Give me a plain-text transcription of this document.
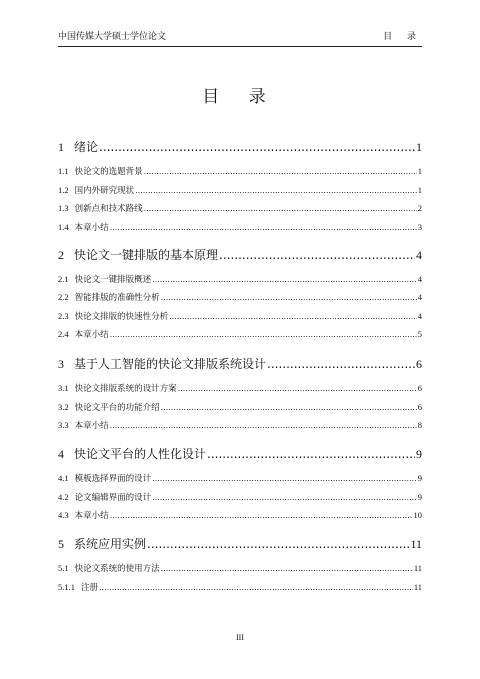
中国传媒大学硕士学位论文	目 录
目 录
1 绪论 .....	1
1.1 快论文的选题背景 .....	1
1.2 国内外研究现状 .....	1
1.3 创新点和技术路线 .....	2
1.4 本章小结 .....	3
2 快论文一键排版的基本原理 .....	4
2.1 快论文一键排版概述 .....	4
2.2 智能排版的准确性分析 .....	4
2.3 快论文排版的快速性分析 .....	4
2.4 本章小结 .....	5
3 基于人工智能的快论文排版系统设计 .....	6
3.1 快论文排版系统的设计方案 .....	6
3.2 快论文平台的功能介绍 .....	6
3.3 本章小结 .....	8
4 快论文平台的人性化设计 .....	9
4.1 模板选择界面的设计 .....	9
4.2 论文编辑界面的设计 .....	9
4.3 本章小结 .....	10
5 系统应用实例 .....	11
5.1 快论文系统的使用方法 .....	11
5.1.1 注册 .....	11
III
